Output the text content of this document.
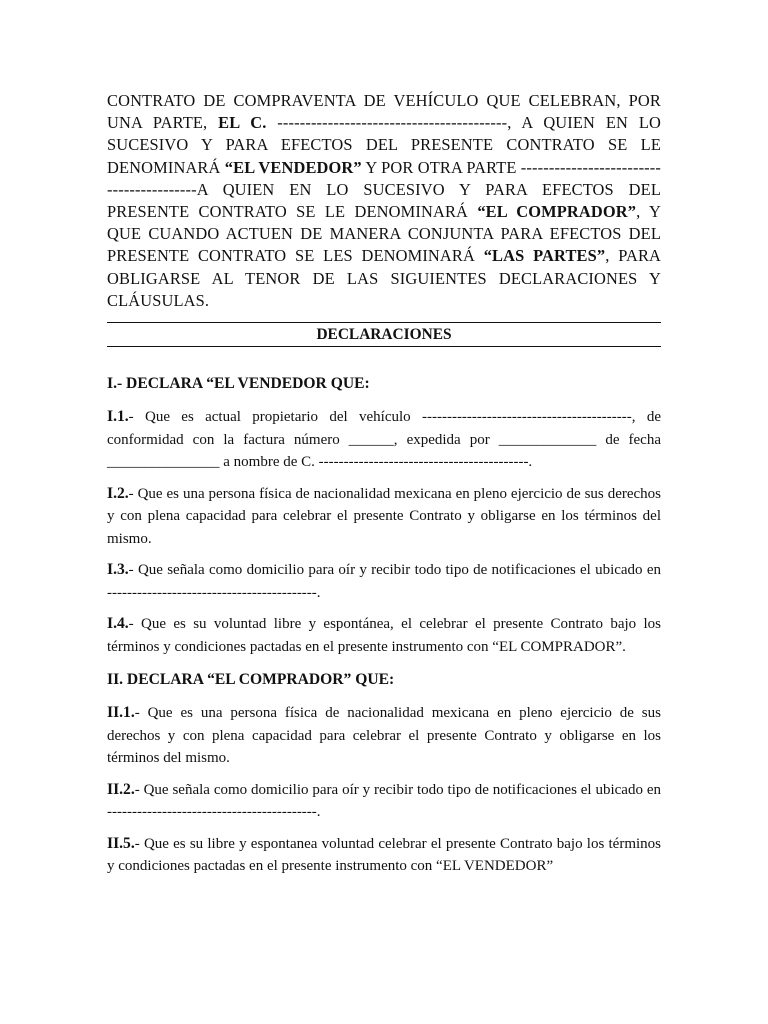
CONTRATO DE COMPRAVENTA DE VEHÍCULO QUE CELEBRAN, POR UNA PARTE, EL C. -----------------------------------------, A QUIEN EN LO SUCESIVO Y PARA EFECTOS DEL PRESENTE CONTRATO SE LE DENOMINARÁ “EL VENDEDOR” Y POR OTRA PARTE -----------------------------------------A QUIEN EN LO SUCESIVO Y PARA EFECTOS DEL PRESENTE CONTRATO SE LE DENOMINARÁ “EL COMPRADOR”, Y QUE CUANDO ACTUEN DE MANERA CONJUNTA PARA EFECTOS DEL PRESENTE CONTRATO SE LES DENOMINARÁ “LAS PARTES”, PARA OBLIGARSE AL TENOR DE LAS SIGUIENTES DECLARACIONES Y CLÁUSULAS.

DECLARACIONES

I.- DECLARA “EL VENDEDOR QUE:

I.1.- Que es actual propietario del vehículo ------------------------------------------, de conformidad con la factura número ______, expedida por _____________ de fecha _______________ a nombre de C. ------------------------------------------.

I.2.- Que es una persona física de nacionalidad mexicana en pleno ejercicio de sus derechos y con plena capacidad para celebrar el presente Contrato y obligarse en los términos del mismo.

I.3.- Que señala como domicilio para oír y recibir todo tipo de notificaciones el ubicado en ------------------------------------------.

I.4.- Que es su voluntad libre y espontánea, el celebrar el presente Contrato bajo los términos y condiciones pactadas en el presente instrumento con “EL COMPRADOR”.

II. DECLARA “EL COMPRADOR” QUE:

II.1.- Que es una persona física de nacionalidad mexicana en pleno ejercicio de sus derechos y con plena capacidad para celebrar el presente Contrato y obligarse en los términos del mismo.

II.2.- Que señala como domicilio para oír y recibir todo tipo de notificaciones el ubicado en ------------------------------------------.

II.5.- Que es su libre y espontanea voluntad celebrar el presente Contrato bajo los términos y condiciones pactadas en el presente instrumento con “EL VENDEDOR”
